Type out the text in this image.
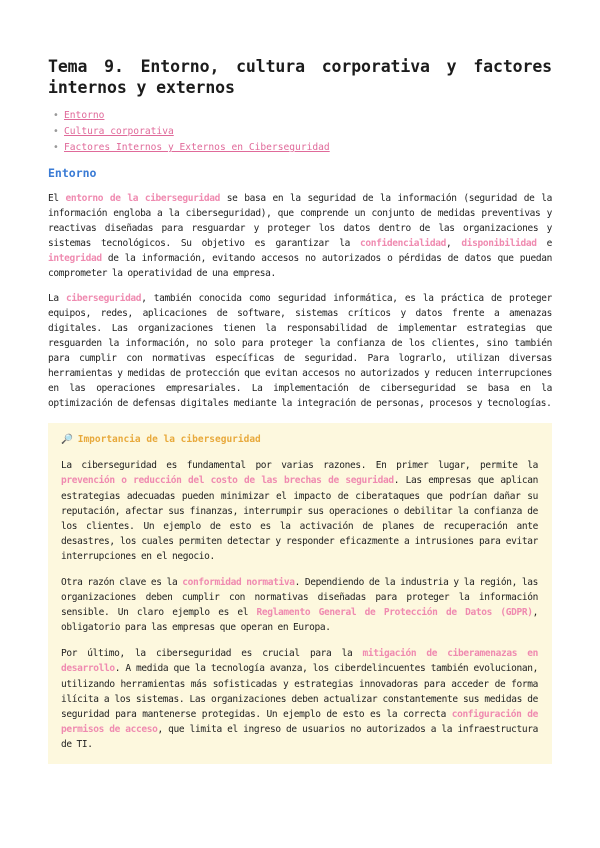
Tema 9. Entorno, cultura corporativa y factores internos y externos
• Entorno
• Cultura corporativa
• Factores Internos y Externos en Ciberseguridad
Entorno

El entorno de la ciberseguridad se basa en la seguridad de la información (seguridad de la información engloba a la ciberseguridad), que comprende un conjunto de medidas preventivas y reactivas diseñadas para resguardar y proteger los datos dentro de las organizaciones y sistemas tecnológicos. Su objetivo es garantizar la confidencialidad, disponibilidad e integridad de la información, evitando accesos no autorizados o pérdidas de datos que puedan comprometer la operatividad de una empresa.

La ciberseguridad, también conocida como seguridad informática, es la práctica de proteger equipos, redes, aplicaciones de software, sistemas críticos y datos frente a amenazas digitales. Las organizaciones tienen la responsabilidad de implementar estrategias que resguarden la información, no solo para proteger la confianza de los clientes, sino también para cumplir con normativas específicas de seguridad. Para lograrlo, utilizan diversas herramientas y medidas de protección que evitan accesos no autorizados y reducen interrupciones en las operaciones empresariales. La implementación de ciberseguridad se basa en la optimización de defensas digitales mediante la integración de personas, procesos y tecnologías.

🔎 Importancia de la ciberseguridad

La ciberseguridad es fundamental por varias razones. En primer lugar, permite la prevención o reducción del costo de las brechas de seguridad. Las empresas que aplican estrategias adecuadas pueden minimizar el impacto de ciberataques que podrían dañar su reputación, afectar sus finanzas, interrumpir sus operaciones o debilitar la confianza de los clientes. Un ejemplo de esto es la activación de planes de recuperación ante desastres, los cuales permiten detectar y responder eficazmente a intrusiones para evitar interrupciones en el negocio.

Otra razón clave es la conformidad normativa. Dependiendo de la industria y la región, las organizaciones deben cumplir con normativas diseñadas para proteger la información sensible. Un claro ejemplo es el Reglamento General de Protección de Datos (GDPR), obligatorio para las empresas que operan en Europa.

Por último, la ciberseguridad es crucial para la mitigación de ciberamenazas en desarrollo. A medida que la tecnología avanza, los ciberdelincuentes también evolucionan, utilizando herramientas más sofisticadas y estrategias innovadoras para acceder de forma ilícita a los sistemas. Las organizaciones deben actualizar constantemente sus medidas de seguridad para mantenerse protegidas. Un ejemplo de esto es la correcta configuración de permisos de acceso, que limita el ingreso de usuarios no autorizados a la infraestructura de TI.
